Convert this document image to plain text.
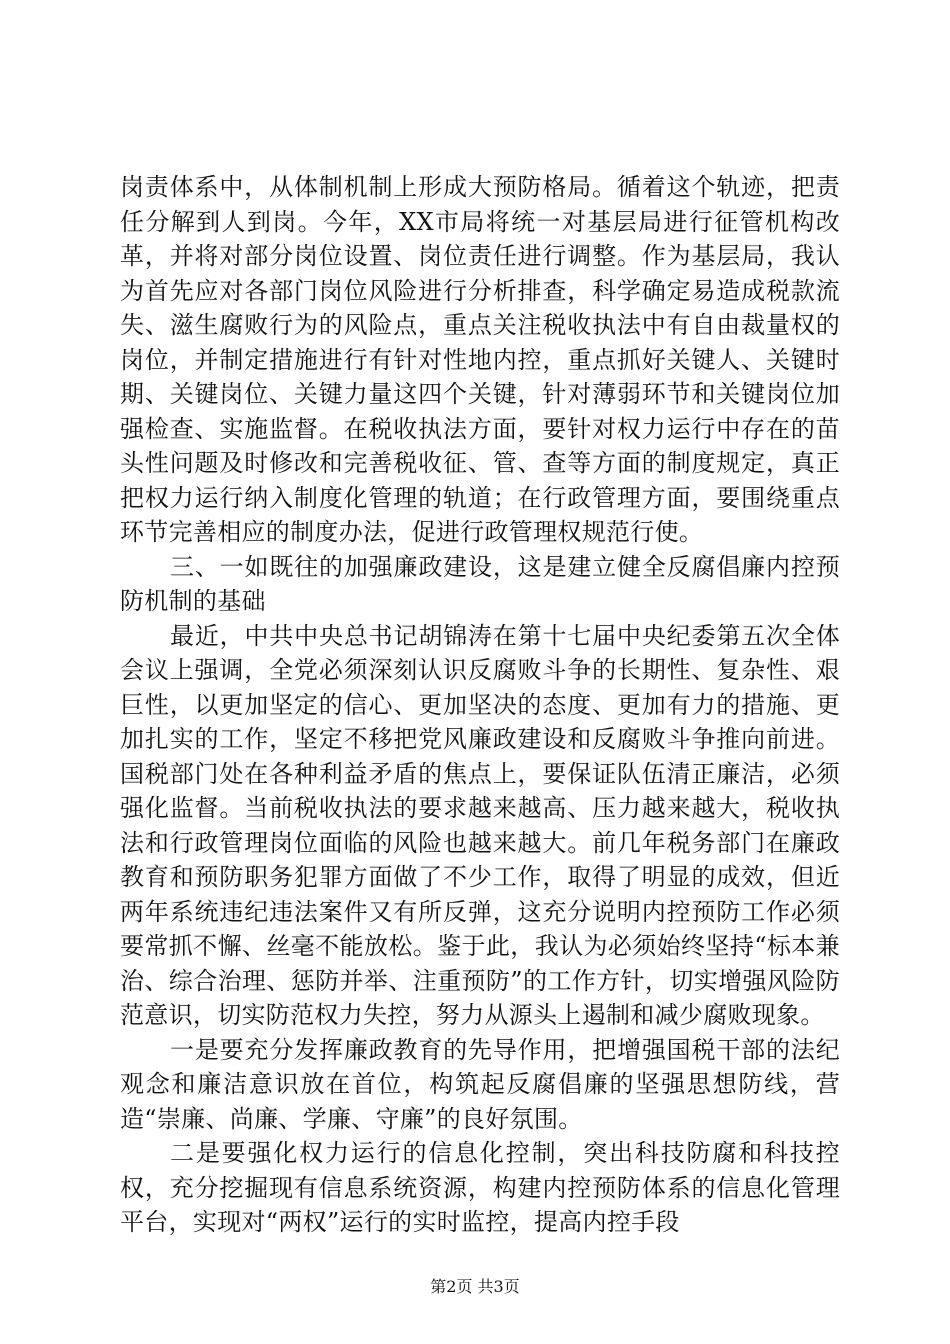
岗责体系中，从体制机制上形成大预防格局。循着这个轨迹，把责任分解到人到岗。今年，XX市局将统一对基层局进行征管机构改革，并将对部分岗位设置、岗位责任进行调整。作为基层局，我认为首先应对各部门岗位风险进行分析排查，科学确定易造成税款流失、滋生腐败行为的风险点，重点关注税收执法中有自由裁量权的岗位，并制定措施进行有针对性地内控，重点抓好关键人、关键时期、关键岗位、关键力量这四个关键，针对薄弱环节和关键岗位加强检查、实施监督。在税收执法方面，要针对权力运行中存在的苗头性问题及时修改和完善税收征、管、查等方面的制度规定，真正把权力运行纳入制度化管理的轨道；在行政管理方面，要围绕重点环节完善相应的制度办法，促进行政管理权规范行使。

三、一如既往的加强廉政建设，这是建立健全反腐倡廉内控预防机制的基础

最近，中共中央总书记胡锦涛在第十七届中央纪委第五次全体会议上强调，全党必须深刻认识反腐败斗争的长期性、复杂性、艰巨性，以更加坚定的信心、更加坚决的态度、更加有力的措施、更加扎实的工作，坚定不移把党风廉政建设和反腐败斗争推向前进。国税部门处在各种利益矛盾的焦点上，要保证队伍清正廉洁，必须强化监督。当前税收执法的要求越来越高、压力越来越大，税收执法和行政管理岗位面临的风险也越来越大。前几年税务部门在廉政教育和预防职务犯罪方面做了不少工作，取得了明显的成效，但近两年系统违纪违法案件又有所反弹，这充分说明内控预防工作必须要常抓不懈、丝毫不能放松。鉴于此，我认为必须始终坚持“标本兼治、综合治理、惩防并举、注重预防”的工作方针，切实增强风险防范意识，切实防范权力失控，努力从源头上遏制和减少腐败现象。

一是要充分发挥廉政教育的先导作用，把增强国税干部的法纪观念和廉洁意识放在首位，构筑起反腐倡廉的坚强思想防线，营造“崇廉、尚廉、学廉、守廉”的良好氛围。

二是要强化权力运行的信息化控制，突出科技防腐和科技控权，充分挖掘现有信息系统资源，构建内控预防体系的信息化管理平台，实现对“两权”运行的实时监控，提高内控手段

第2页 共3页
